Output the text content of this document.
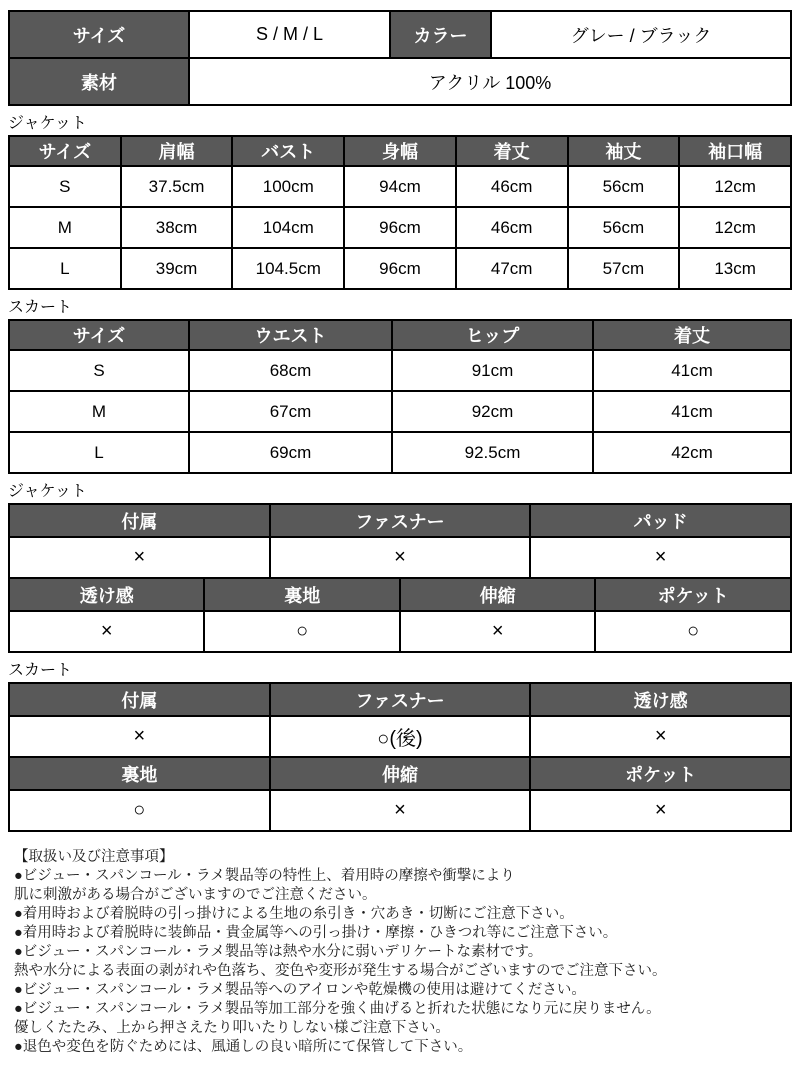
サイズ	S / M / L	カラー	グレー / ブラック
素材	アクリル 100%		
ジャケット
サイズ	肩幅	バスト	身幅	着丈	袖丈	袖口幅
S	37.5cm	100cm	94cm	46cm	56cm	12cm
M	38cm	104cm	96cm	46cm	56cm	12cm
L	39cm	104.5cm	96cm	47cm	57cm	13cm
スカート
サイズ	ウエスト	ヒップ	着丈
S	68cm	91cm	41cm
M	67cm	92cm	41cm
L	69cm	92.5cm	42cm
ジャケット
付属		ファスナー		パッド	
×		×		×	
透け感	裏地		伸縮		ポケット
×	○		×		○
スカート
付属	ファスナー	透け感
×	○(後)	×
裏地	伸縮	ポケット
○	×	×
【取扱い及び注意事項】
●ビジュー・スパンコール・ラメ製品等の特性上、着用時の摩擦や衝撃により
肌に刺激がある場合がございますのでご注意ください。
●着用時および着脱時の引っ掛けによる生地の糸引き・穴あき・切断にご注意下さい。
●着用時および着脱時に装飾品・貴金属等への引っ掛け・摩擦・ひきつれ等にご注意下さい。
●ビジュー・スパンコール・ラメ製品等は熱や水分に弱いデリケートな素材です。
熱や水分による表面の剥がれや色落ち、変色や変形が発生する場合がございますのでご注意下さい。
●ビジュー・スパンコール・ラメ製品等へのアイロンや乾燥機の使用は避けてください。
●ビジュー・スパンコール・ラメ製品等加工部分を強く曲げると折れた状態になり元に戻りません。
優しくたたみ、上から押さえたり叩いたりしない様ご注意下さい。
●退色や変色を防ぐためには、風通しの良い暗所にて保管して下さい。
